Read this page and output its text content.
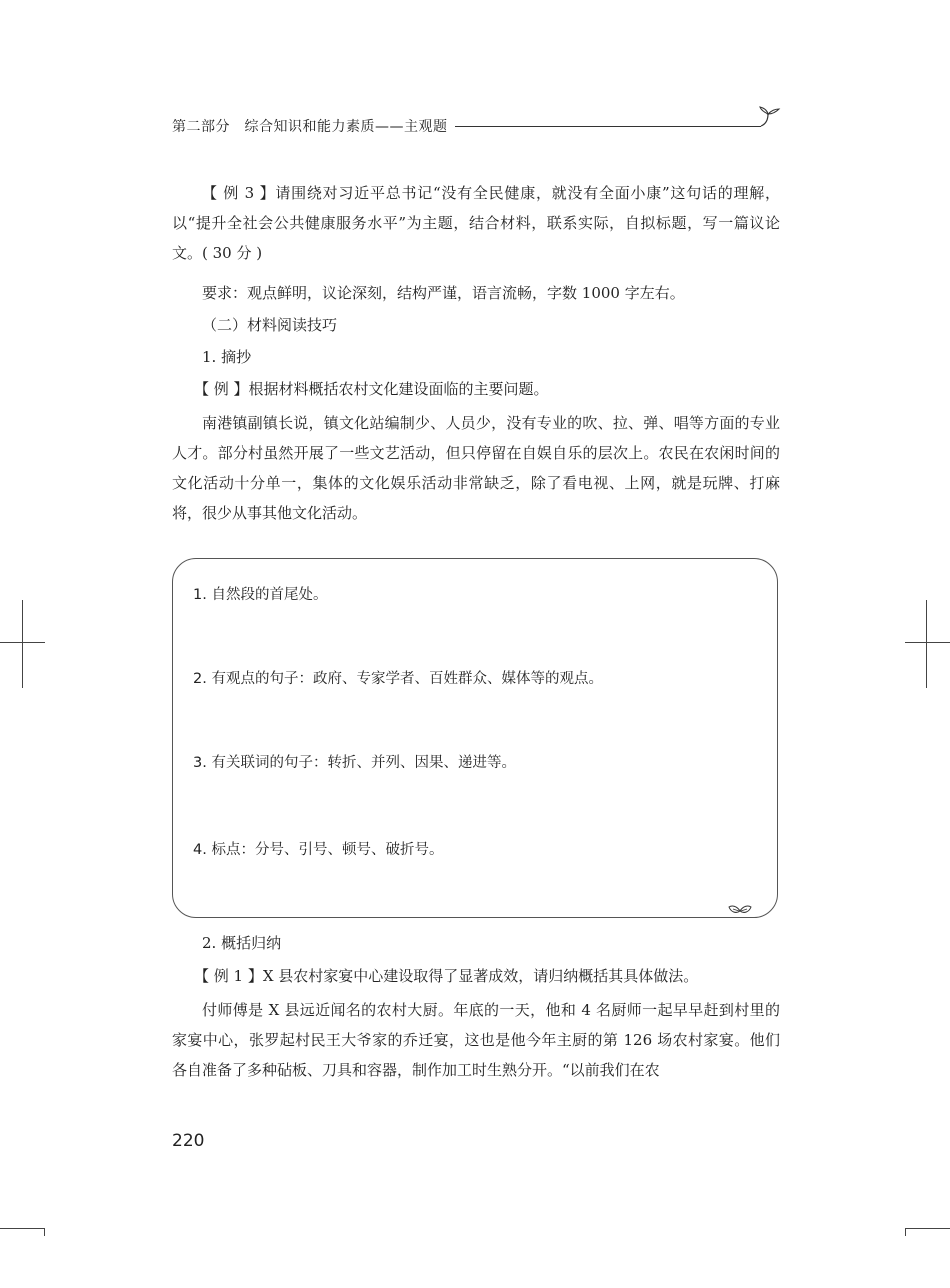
第二部分　综合知识和能力素质——主观题

【 例 3 】请围绕对习近平总书记“没有全民健康，就没有全面小康”这句话的理解，以“提升全社会公共健康服务水平”为主题，结合材料，联系实际，自拟标题，写一篇议论文。( 30 分 )

要求：观点鲜明，议论深刻，结构严谨，语言流畅，字数 1000 字左右。

（二）材料阅读技巧

1. 摘抄

【 例 】根据材料概括农村文化建设面临的主要问题。

南港镇副镇长说，镇文化站编制少、人员少，没有专业的吹、拉、弹、唱等方面的专业人才。部分村虽然开展了一些文艺活动，但只停留在自娱自乐的层次上。农民在农闲时间的文化活动十分单一，集体的文化娱乐活动非常缺乏，除了看电视、上网，就是玩牌、打麻将，很少从事其他文化活动。

1. 自然段的首尾处。
2. 有观点的句子：政府、专家学者、百姓群众、媒体等的观点。
3. 有关联词的句子：转折、并列、因果、递进等。
4. 标点：分号、引号、顿号、破折号。

2. 概括归纳

【 例 1 】X 县农村家宴中心建设取得了显著成效，请归纳概括其具体做法。

付师傅是 X 县远近闻名的农村大厨。年底的一天，他和 4 名厨师一起早早赶到村里的家宴中心，张罗起村民王大爷家的乔迁宴，这也是他今年主厨的第 126 场农村家宴。他们各自准备了多种砧板、刀具和容器，制作加工时生熟分开。“以前我们在农

220
